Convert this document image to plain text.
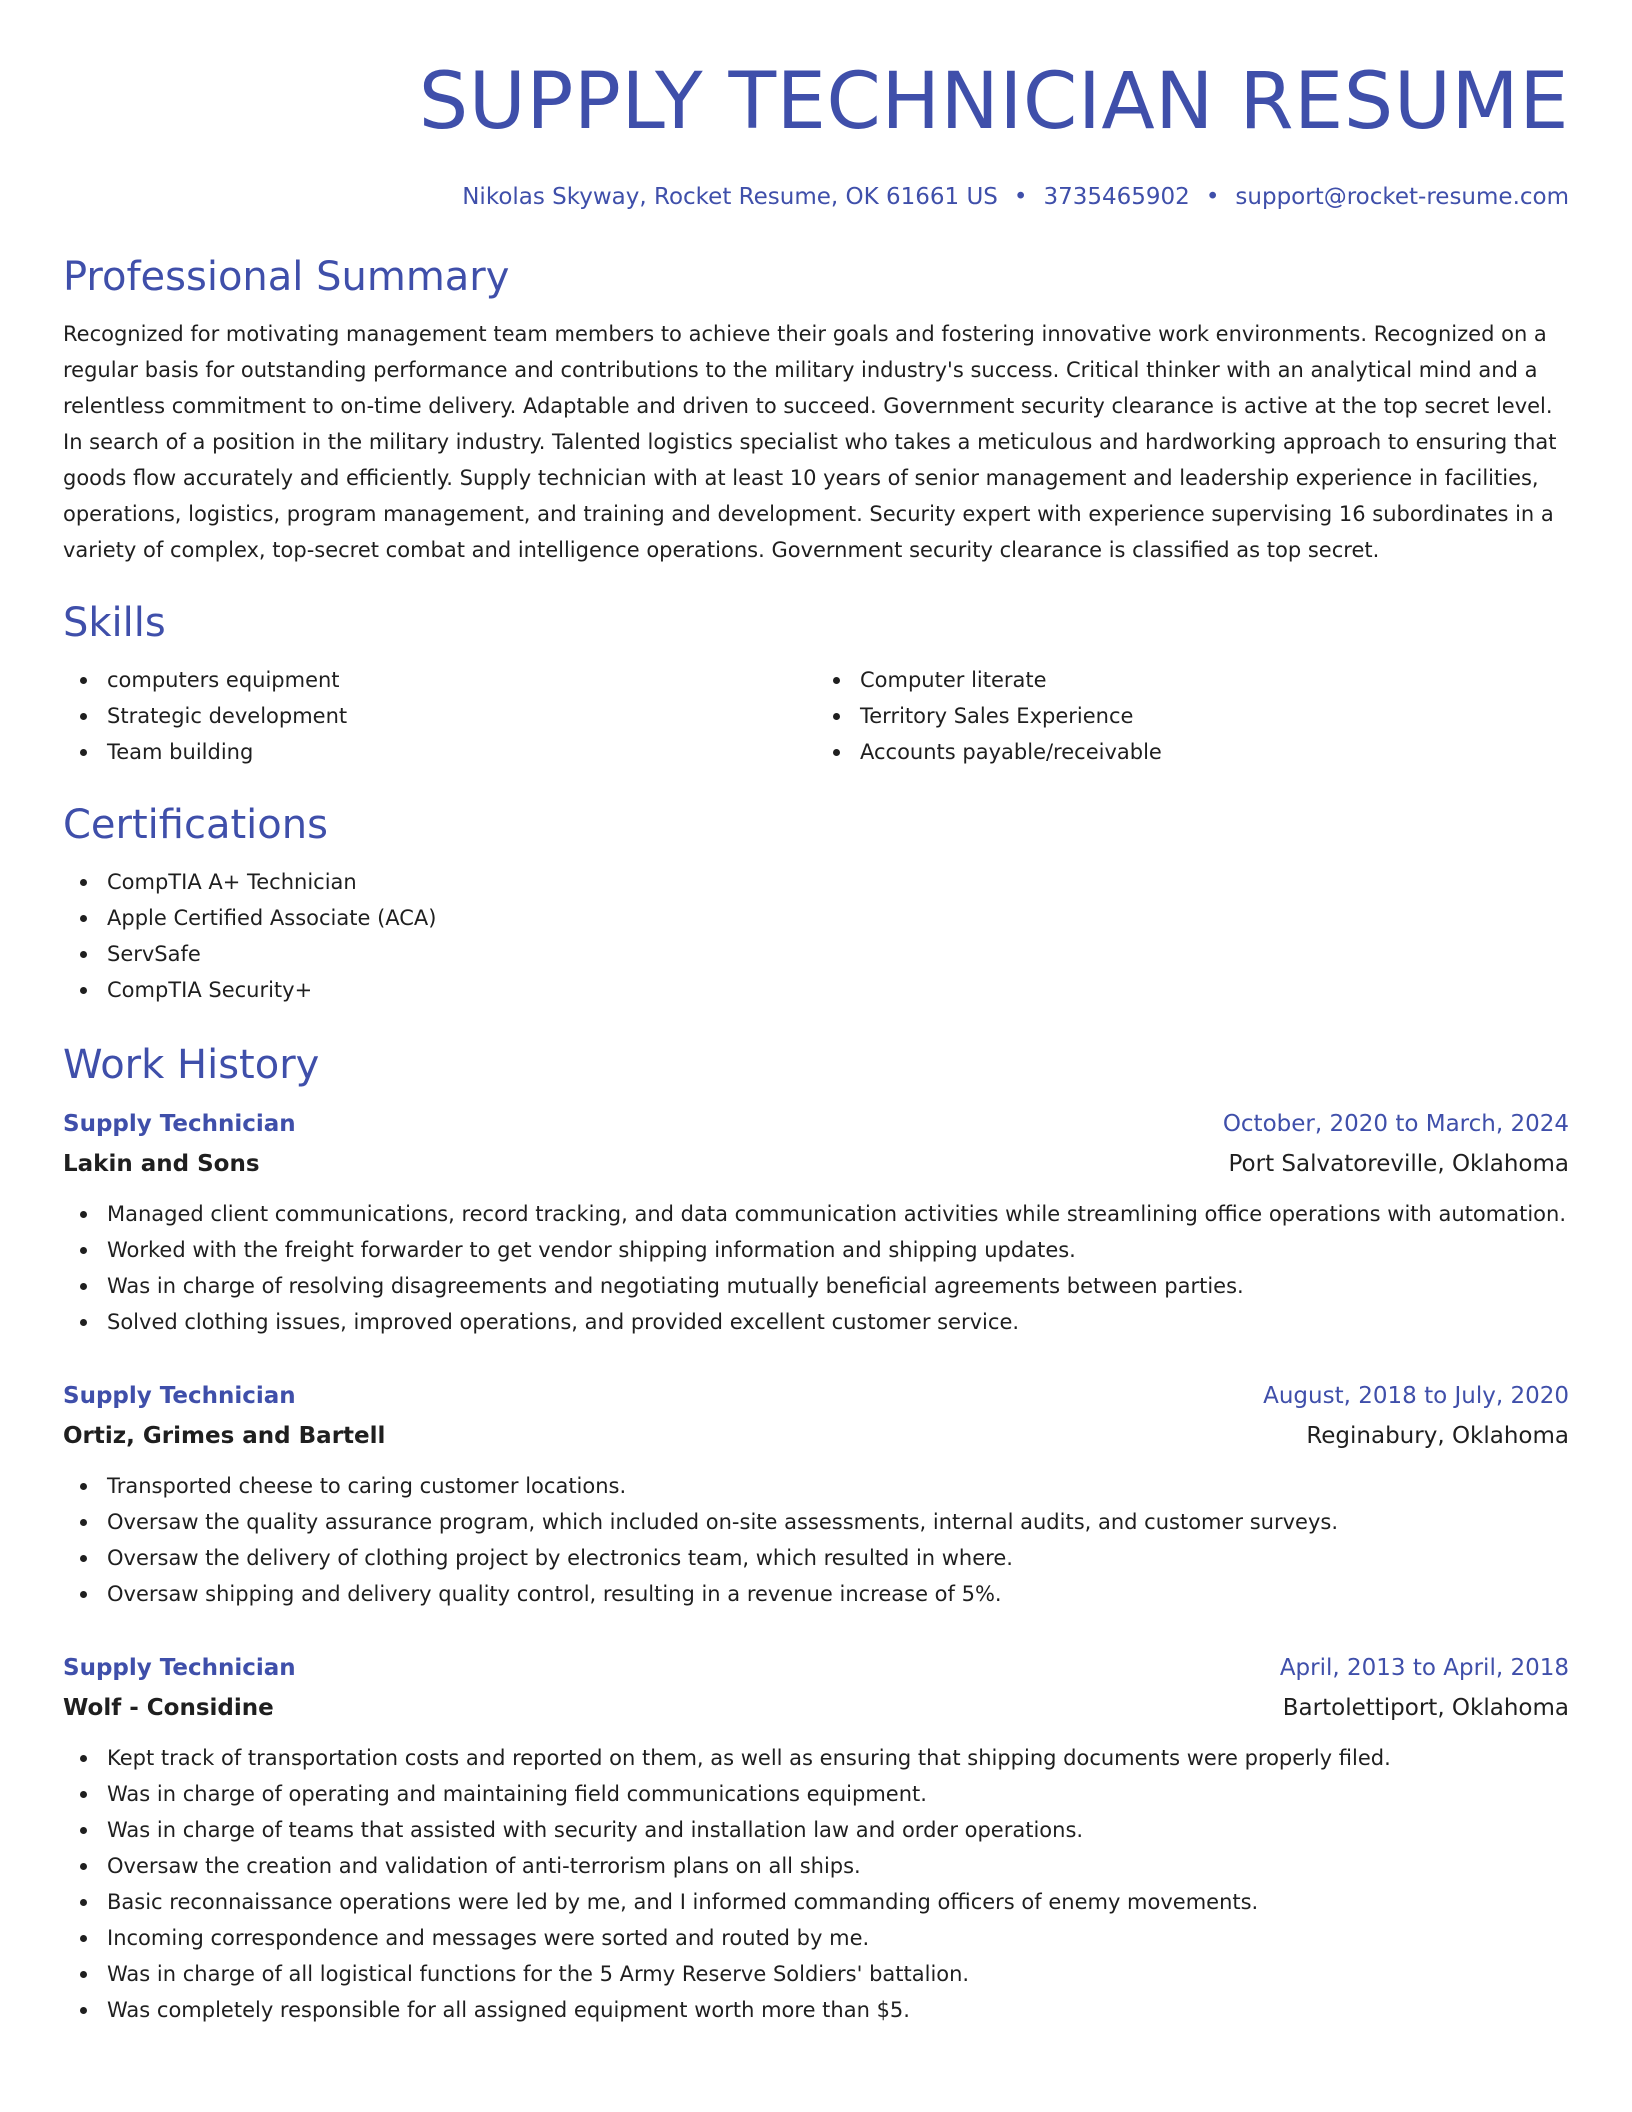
SUPPLY TECHNICIAN RESUME
Nikolas Skyway, Rocket Resume, OK 61661 US • 3735465902 • support@rocket-resume.com
Professional Summary

Recognized for motivating management team members to achieve their goals and fostering innovative work environments. Recognized on a regular basis for outstanding performance and contributions to the military industry's success. Critical thinker with an analytical mind and a relentless commitment to on-time delivery. Adaptable and driven to succeed. Government security clearance is active at the top secret level. In search of a position in the military industry. Talented logistics specialist who takes a meticulous and hardworking approach to ensuring that goods flow accurately and efficiently. Supply technician with at least 10 years of senior management and leadership experience in facilities, operations, logistics, program management, and training and development. Security expert with experience supervising 16 subordinates in a variety of complex, top-secret combat and intelligence operations. Government security clearance is classified as top secret.

Skills
computers equipment
Strategic development
Team building
Computer literate
Territory Sales Experience
Accounts payable/receivable
Certifications
CompTIA A+ Technician
Apple Certified Associate (ACA)
ServSafe
CompTIA Security+
Work History
Supply Technician	October, 2020 to March, 2024
Lakin and Sons	Port Salvatoreville, Oklahoma
Managed client communications, record tracking, and data communication activities while streamlining office operations with automation.
Worked with the freight forwarder to get vendor shipping information and shipping updates.
Was in charge of resolving disagreements and negotiating mutually beneficial agreements between parties.
Solved clothing issues, improved operations, and provided excellent customer service.
Supply Technician	August, 2018 to July, 2020
Ortiz, Grimes and Bartell	Reginabury, Oklahoma
Transported cheese to caring customer locations.
Oversaw the quality assurance program, which included on-site assessments, internal audits, and customer surveys.
Oversaw the delivery of clothing project by electronics team, which resulted in where.
Oversaw shipping and delivery quality control, resulting in a revenue increase of 5%.
Supply Technician	April, 2013 to April, 2018
Wolf - Considine	Bartolettiport, Oklahoma
Kept track of transportation costs and reported on them, as well as ensuring that shipping documents were properly filed.
Was in charge of operating and maintaining field communications equipment.
Was in charge of teams that assisted with security and installation law and order operations.
Oversaw the creation and validation of anti-terrorism plans on all ships.
Basic reconnaissance operations were led by me, and I informed commanding officers of enemy movements.
Incoming correspondence and messages were sorted and routed by me.
Was in charge of all logistical functions for the 5 Army Reserve Soldiers' battalion.
Was completely responsible for all assigned equipment worth more than $5.
